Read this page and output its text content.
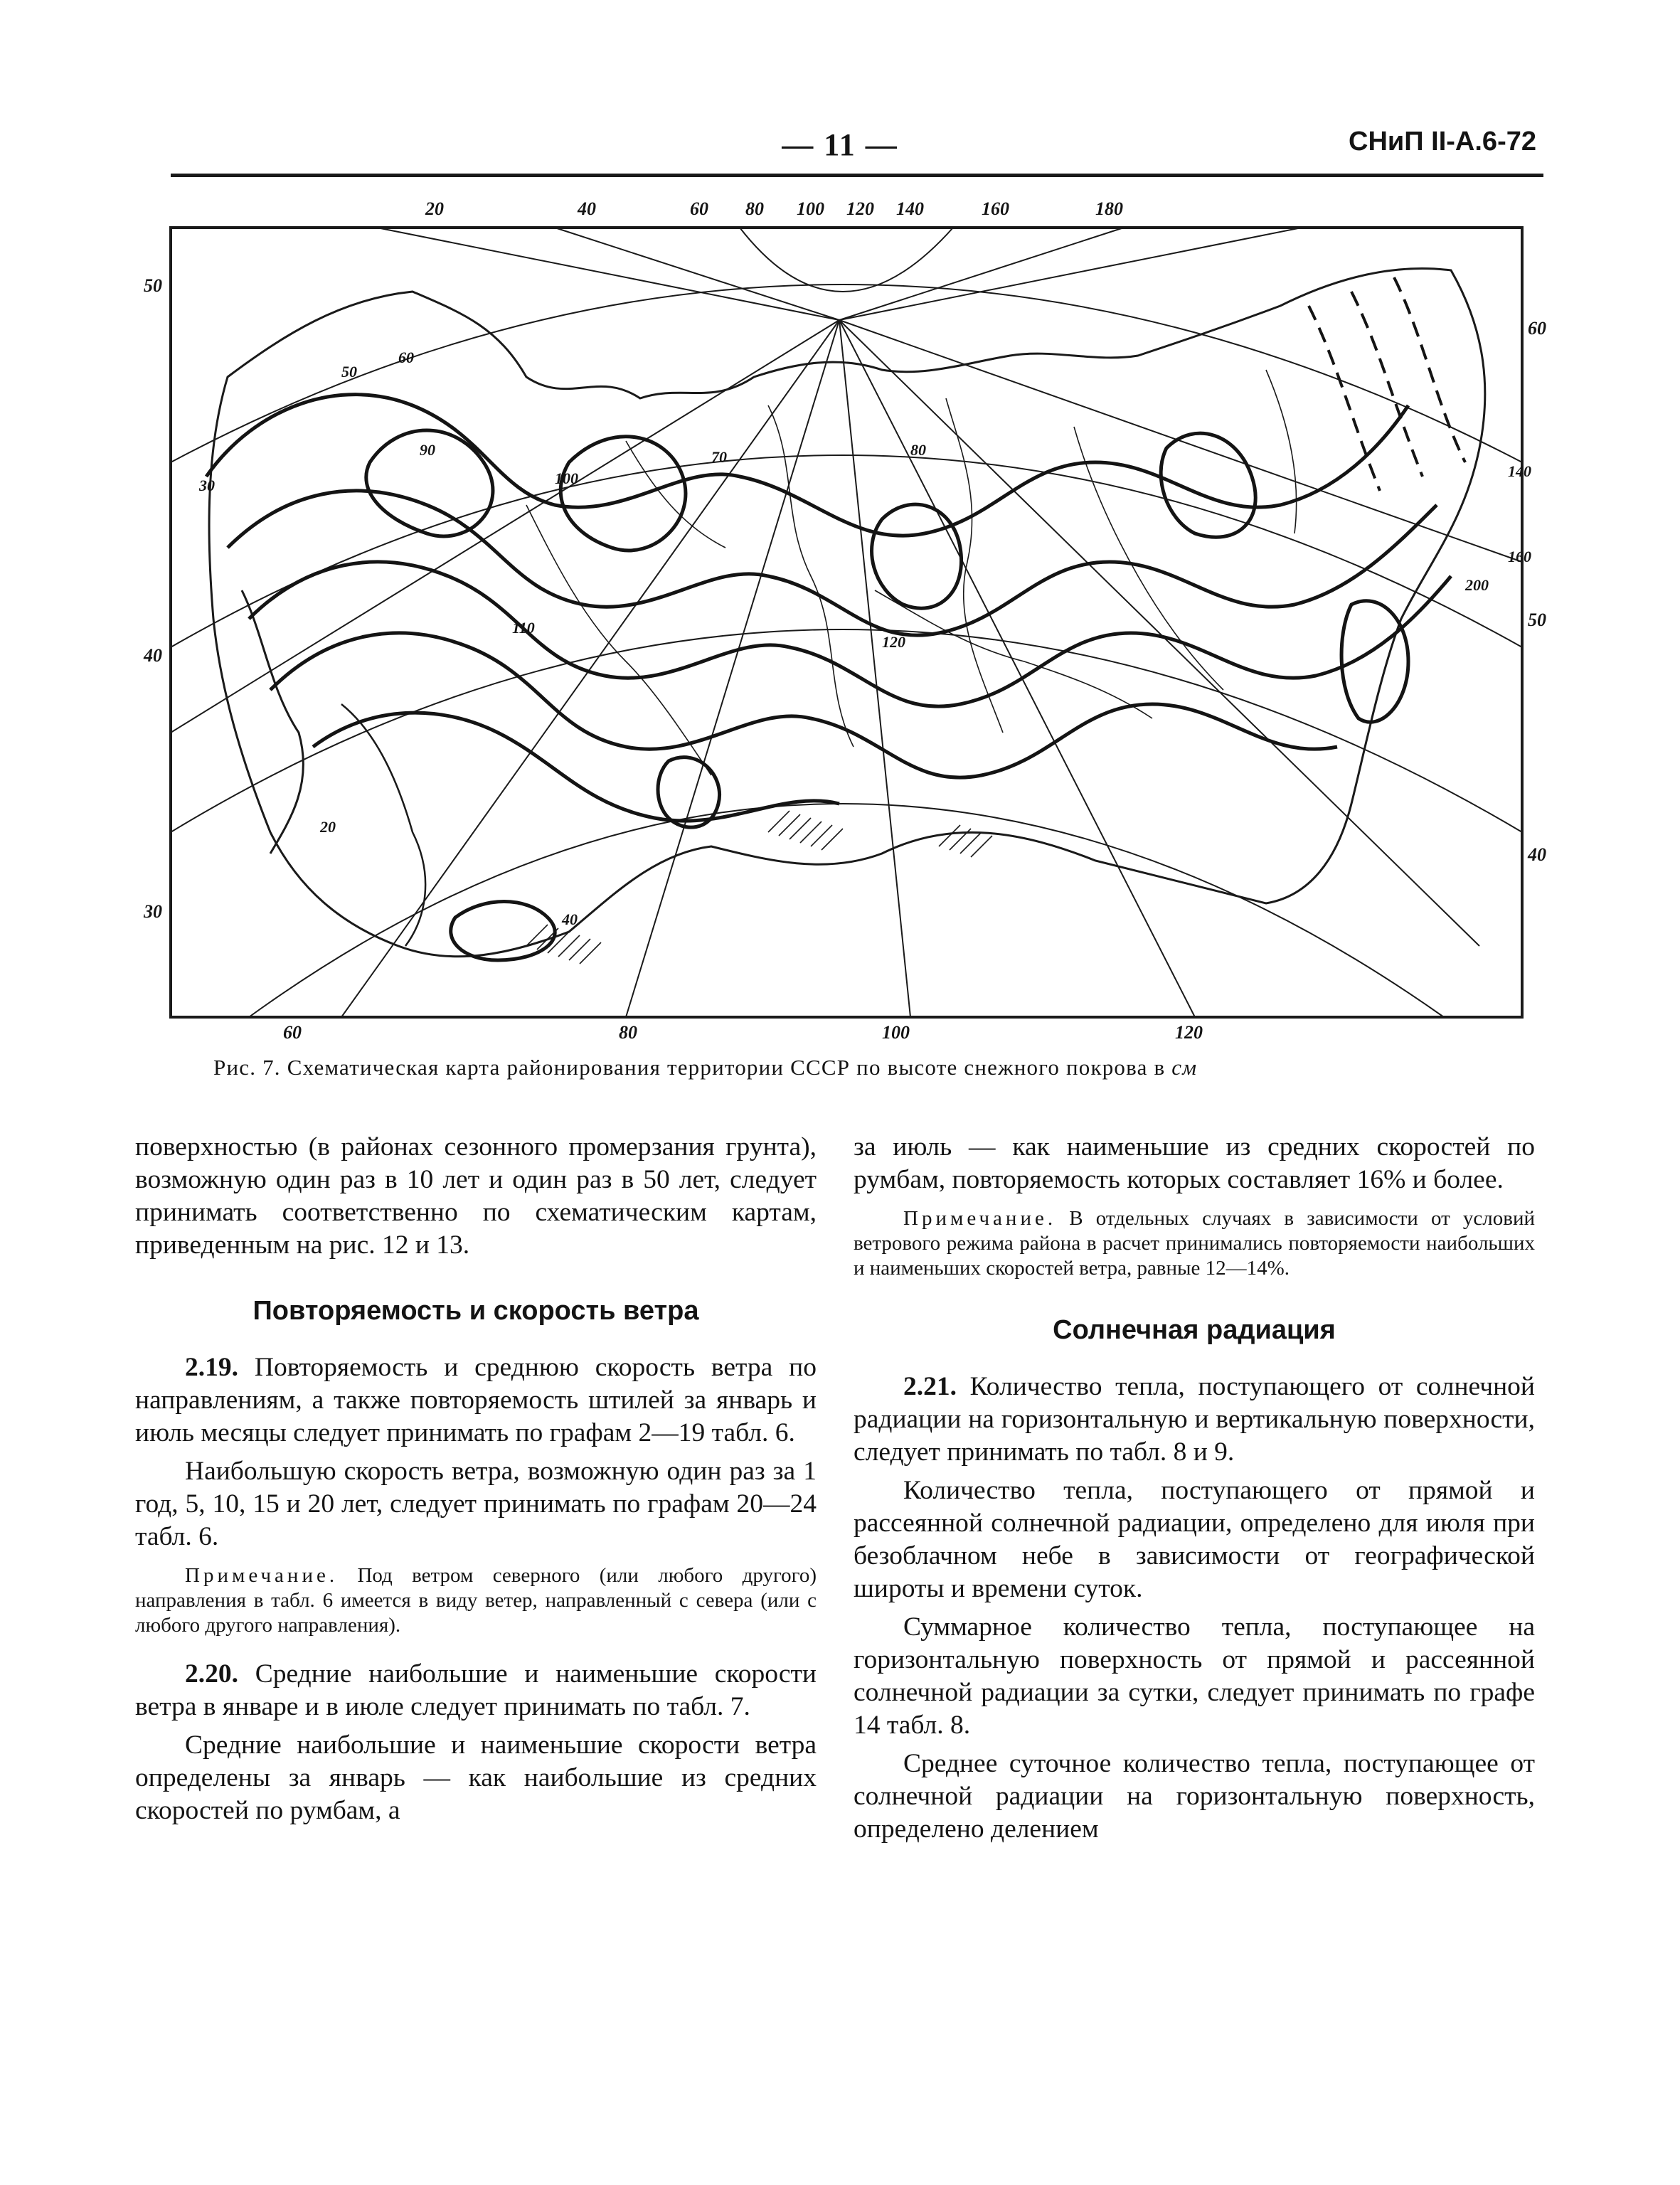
— 11 —	СНиП II-А.6-72
20	40	60 80 100 120 140	160	180
60	80	100	120
50
40
30
60
50
40
30
50
60
70	80
90
100
110
120
140
160
200
40
20
Рис. 7. Схематическая карта районирования территории СССР по высоте снежного покрова в см

поверхностью (в районах сезонного промерзания грунта), возможную один раз в 10 лет и один раз в 50 лет, следует принимать соответственно по схематическим картам, приведенным на рис. 12 и 13.

Повторяемость и скорость ветра

2.19. Повторяемость и среднюю скорость ветра по направлениям, а также повторяемость штилей за январь и июль месяцы следует принимать по графам 2—19 табл. 6.

Наибольшую скорость ветра, возможную один раз за 1 год, 5, 10, 15 и 20 лет, следует принимать по графам 20—24 табл. 6.

Примечание. Под ветром северного (или любого другого) направления в табл. 6 имеется в виду ветер, направленный с севера (или с любого другого направления).

2.20. Средние наибольшие и наименьшие скорости ветра в январе и в июле следует принимать по табл. 7.

Средние наибольшие и наименьшие скорости ветра определены за январь — как наибольшие из средних скоростей по румбам, а

за июль — как наименьшие из средних скоростей по румбам, повторяемость которых составляет 16% и более.

Примечание. В отдельных случаях в зависимости от условий ветрового режима района в расчет принимались повторяемости наибольших и наименьших скоростей ветра, равные 12—14%.

Солнечная радиация

2.21. Количество тепла, поступающего от солнечной радиации на горизонтальную и вертикальную поверхности, следует принимать по табл. 8 и 9.

Количество тепла, поступающего от прямой и рассеянной солнечной радиации, определено для июля при безоблачном небе в зависимости от географической широты и времени суток.

Суммарное количество тепла, поступающее на горизонтальную поверхность от прямой и рассеянной солнечной радиации за сутки, следует принимать по графе 14 табл. 8.

Среднее суточное количество тепла, поступающее от солнечной радиации на горизонтальную поверхность, определено делением
